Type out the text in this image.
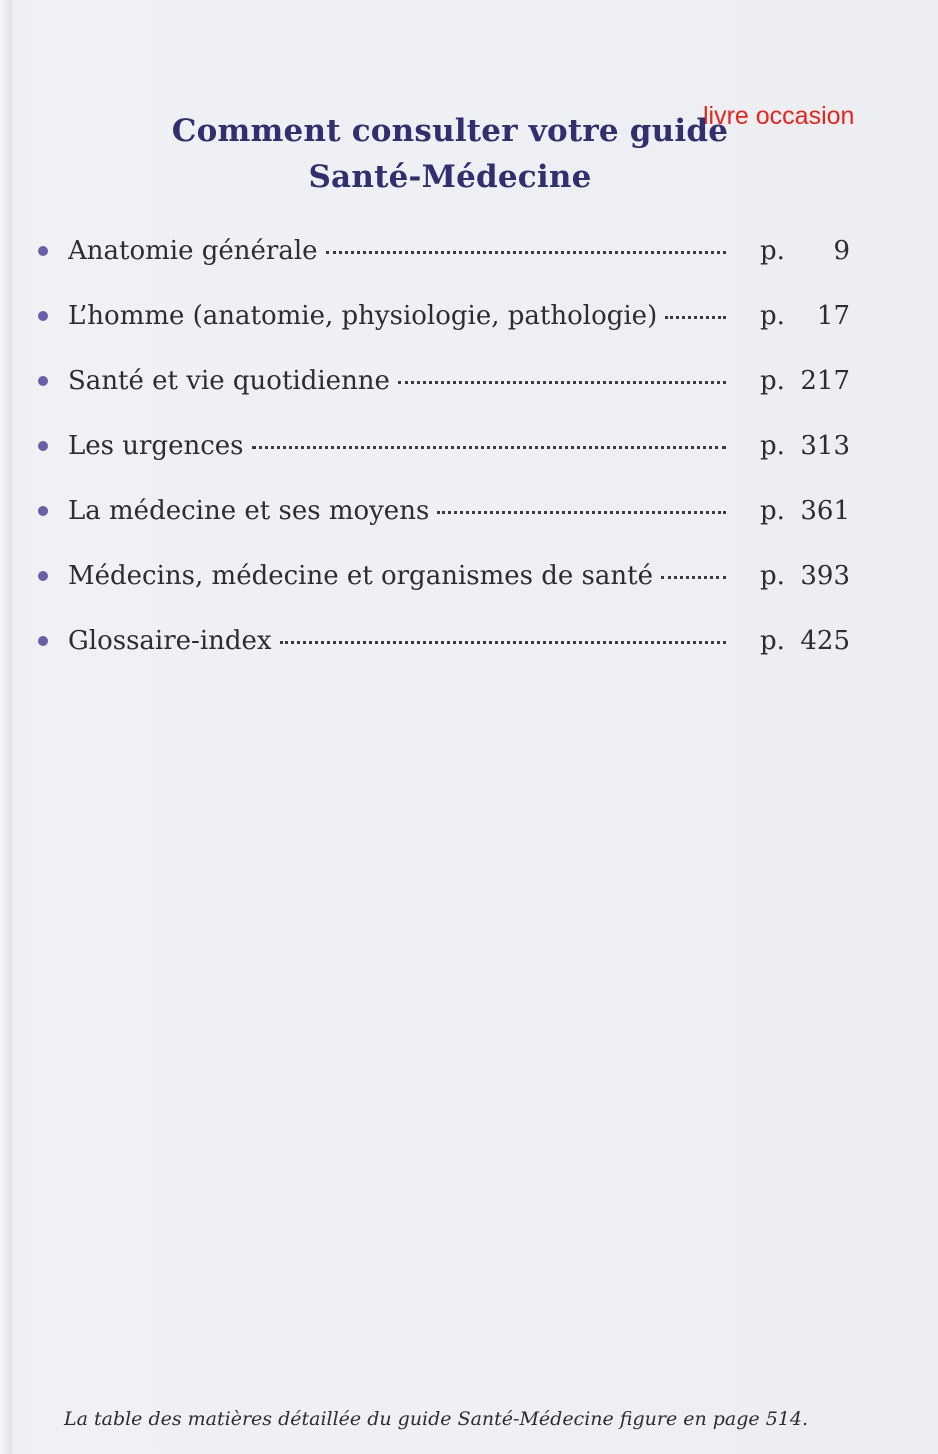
livre occasion
Comment consulter votre guide
Santé-Médecine
Anatomie générale	p. 9
L’homme (anatomie, physiologie, pathologie)	p. 17
Santé et vie quotidienne	p. 217
Les urgences	p. 313
La médecine et ses moyens	p. 361
Médecins, médecine et organismes de santé	p. 393
Glossaire-index	p. 425
La table des matières détaillée du guide Santé-Médecine figure en page 514.
